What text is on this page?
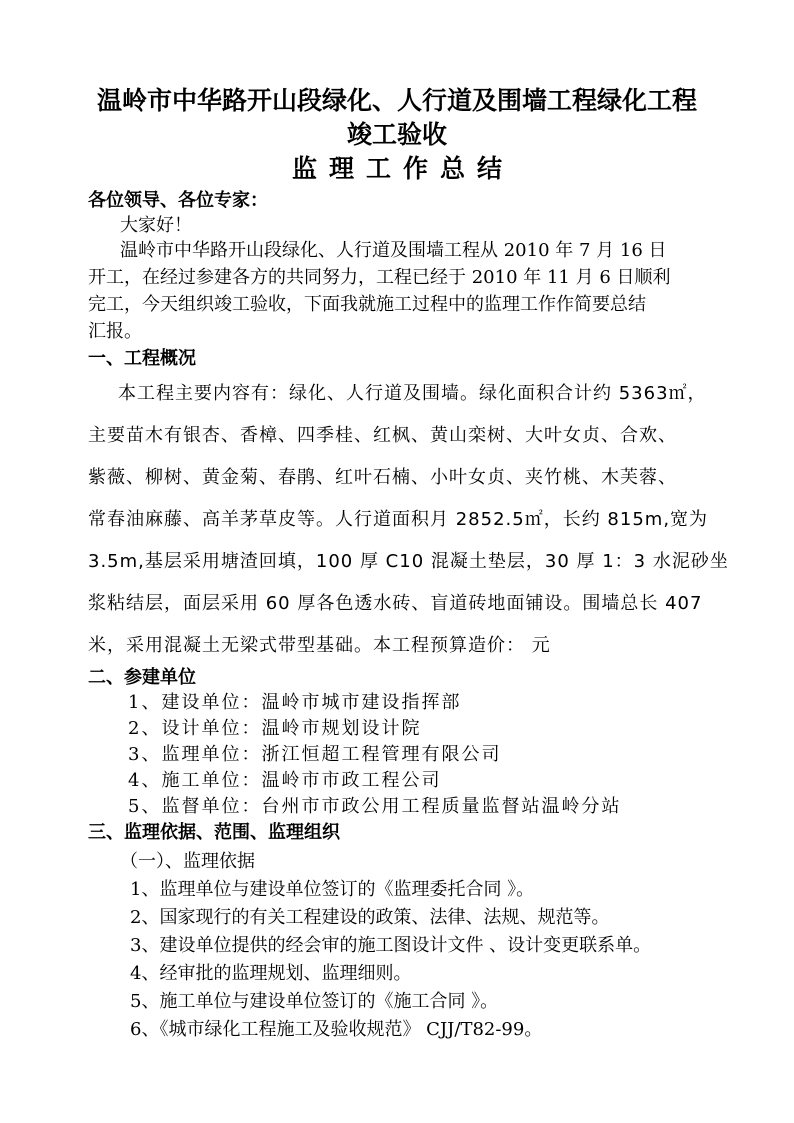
温岭市中华路开山段绿化、人行道及围墙工程绿化工程
竣工验收
监理工作总结
各位领导、各位专家：
大家好！
温岭市中华路开山段绿化、人行道及围墙工程从 2010 年 7 月 16 日
开工，在经过参建各方的共同努力，工程已经于 2010 年 11 月 6 日顺利
完工，今天组织竣工验收，下面我就施工过程中的监理工作作简要总结
汇报。
一、工程概况
本工程主要内容有：绿化、人行道及围墙。绿化面积合计约 5363㎡，
主要苗木有银杏、香樟、四季桂、红枫、黄山栾树、大叶女贞、合欢、
紫薇、柳树、黄金菊、春鹃、红叶石楠、小叶女贞、夹竹桃、木芙蓉、
常春油麻藤、高羊茅草皮等。人行道面积月 2852.5㎡，长约 815m,宽为
3.5m,基层采用塘渣回填，100 厚 C10 混凝土垫层，30 厚 1：3 水泥砂坐
浆粘结层，面层采用 60 厚各色透水砖、盲道砖地面铺设。围墙总长 407
米，采用混凝土无梁式带型基础。本工程预算造价： 元
二、参建单位
1、建设单位：温岭市城市建设指挥部
2、设计单位：温岭市规划设计院
3、监理单位：浙江恒超工程管理有限公司
4、施工单位：温岭市市政工程公司
5、监督单位：台州市市政公用工程质量监督站温岭分站
三、监理依据、范围、监理组织
（一）、监理依据
1、监理单位与建设单位签订的《监理委托合同 》。
2、国家现行的有关工程建设的政策、法律、法规、规范等。
3、建设单位提供的经会审的施工图设计文件 、设计变更联系单。
4、经审批的监理规划、监理细则。
5、施工单位与建设单位签订的《施工合同 》。
6、《城市绿化工程施工及验收规范》 CJJ/T82-99。
